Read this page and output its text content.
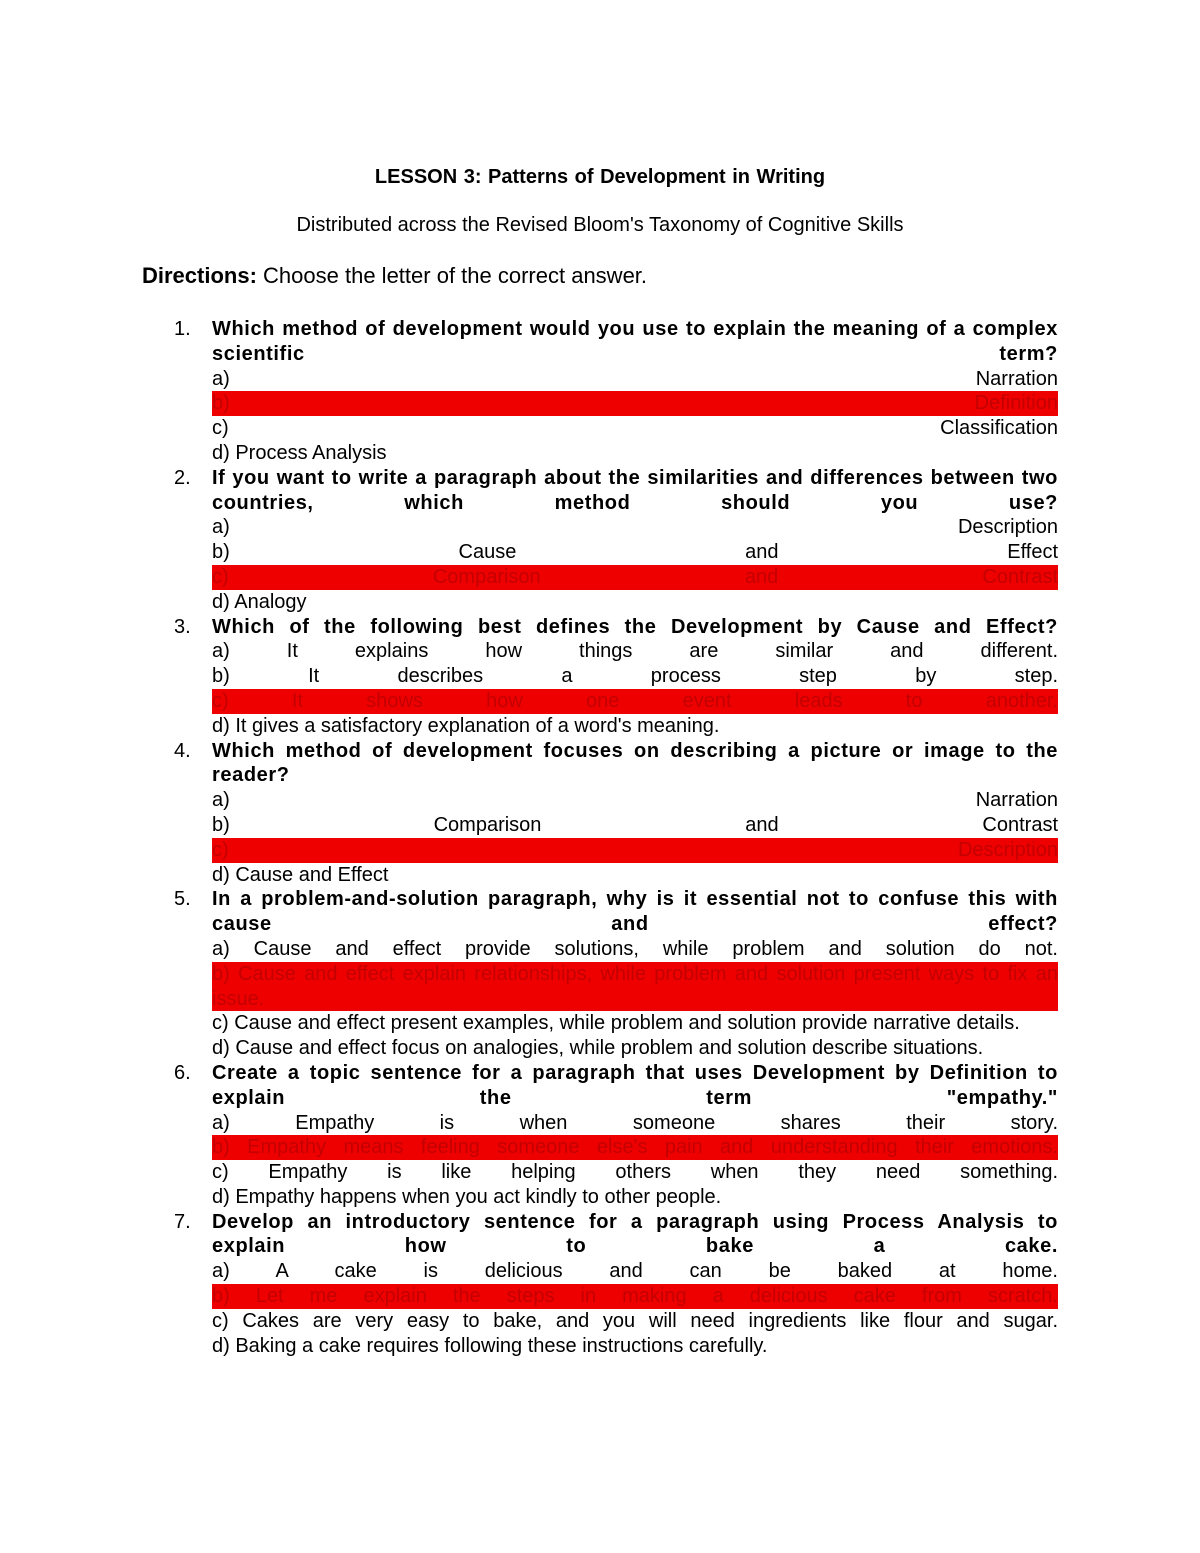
LESSON 3: Patterns of Development in Writing
Distributed across the Revised Bloom's Taxonomy of Cognitive Skills
Directions: Choose the letter of the correct answer.
1. Which method of development would you use to explain the meaning of a complex scientific term?
a) Narration
b) Definition
c) Classification
d) Process Analysis
2. If you want to write a paragraph about the similarities and differences between two countries, which method should you use?
a) Description
b) Cause and Effect
c) Comparison and Contrast
d) Analogy
3. Which of the following best defines the Development by Cause and Effect?
a) It explains how things are similar and different.
b) It describes a process step by step.
c) It shows how one event leads to another.
d) It gives a satisfactory explanation of a word's meaning.
4. Which method of development focuses on describing a picture or image to the reader?
a) Narration
b) Comparison and Contrast
c) Description
d) Cause and Effect
5. In a problem-and-solution paragraph, why is it essential not to confuse this with cause and effect?
a) Cause and effect provide solutions, while problem and solution do not.
b) Cause and effect explain relationships, while problem and solution present ways to fix an issue.
c) Cause and effect present examples, while problem and solution provide narrative details.
d) Cause and effect focus on analogies, while problem and solution describe situations.
6. Create a topic sentence for a paragraph that uses Development by Definition to explain the term "empathy."
a) Empathy is when someone shares their story.
b) Empathy means feeling someone else's pain and understanding their emotions.
c) Empathy is like helping others when they need something.
d) Empathy happens when you act kindly to other people.
7. Develop an introductory sentence for a paragraph using Process Analysis to explain how to bake a cake.
a) A cake is delicious and can be baked at home.
b) Let me explain the steps in making a delicious cake from scratch.
c) Cakes are very easy to bake, and you will need ingredients like flour and sugar.
d) Baking a cake requires following these instructions carefully.
